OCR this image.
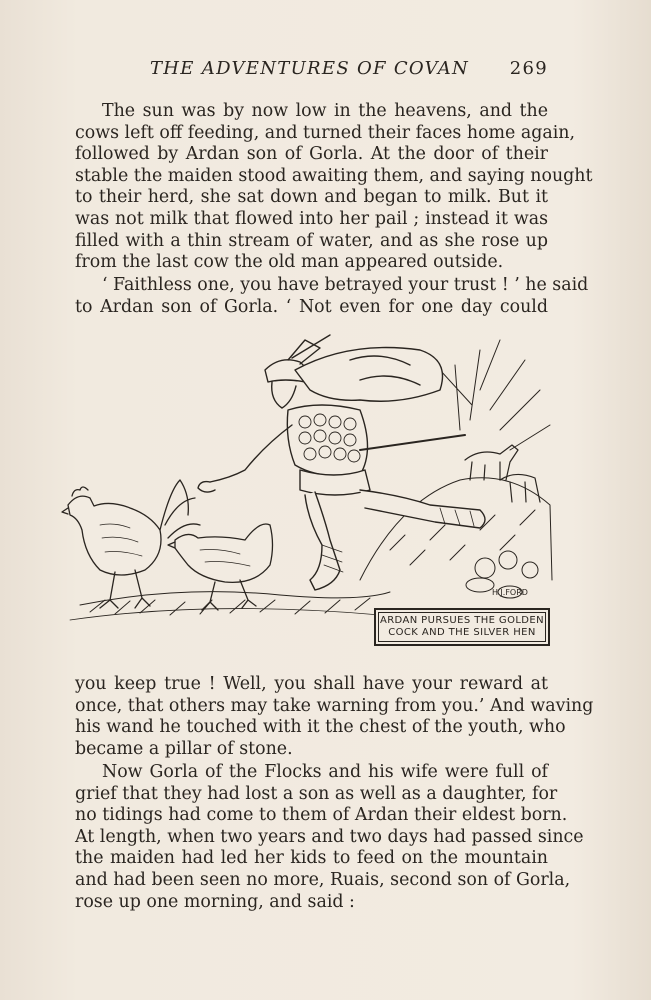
THE ADVENTURES OF COVAN 269
The sun was by now low in the heavens, and the
cows left off feeding, and turned their faces home again,
followed by Ardan son of Gorla. At the door of their
stable the maiden stood awaiting them, and saying nought
to their herd, she sat down and began to milk. But it
was not milk that flowed into her pail ; instead it was
filled with a thin stream of water, and as she rose up
from the last cow the old man appeared outside.
‘ Faithless one, you have betrayed your trust ! ’ he said
to Ardan son of Gorla. ‘ Not even for one day could
H.J.FORD
ARDAN PURSUES THE GOLDEN
COCK AND THE SILVER HEN
you keep true ! Well, you shall have your reward at
once, that others may take warning from you.’ And waving
his wand he touched with it the chest of the youth, who
became a pillar of stone.
Now Gorla of the Flocks and his wife were full of
grief that they had lost a son as well as a daughter, for
no tidings had come to them of Ardan their eldest born.
At length, when two years and two days had passed since
the maiden had led her kids to feed on the mountain
and had been seen no more, Ruais, second son of Gorla,
rose up one morning, and said :
